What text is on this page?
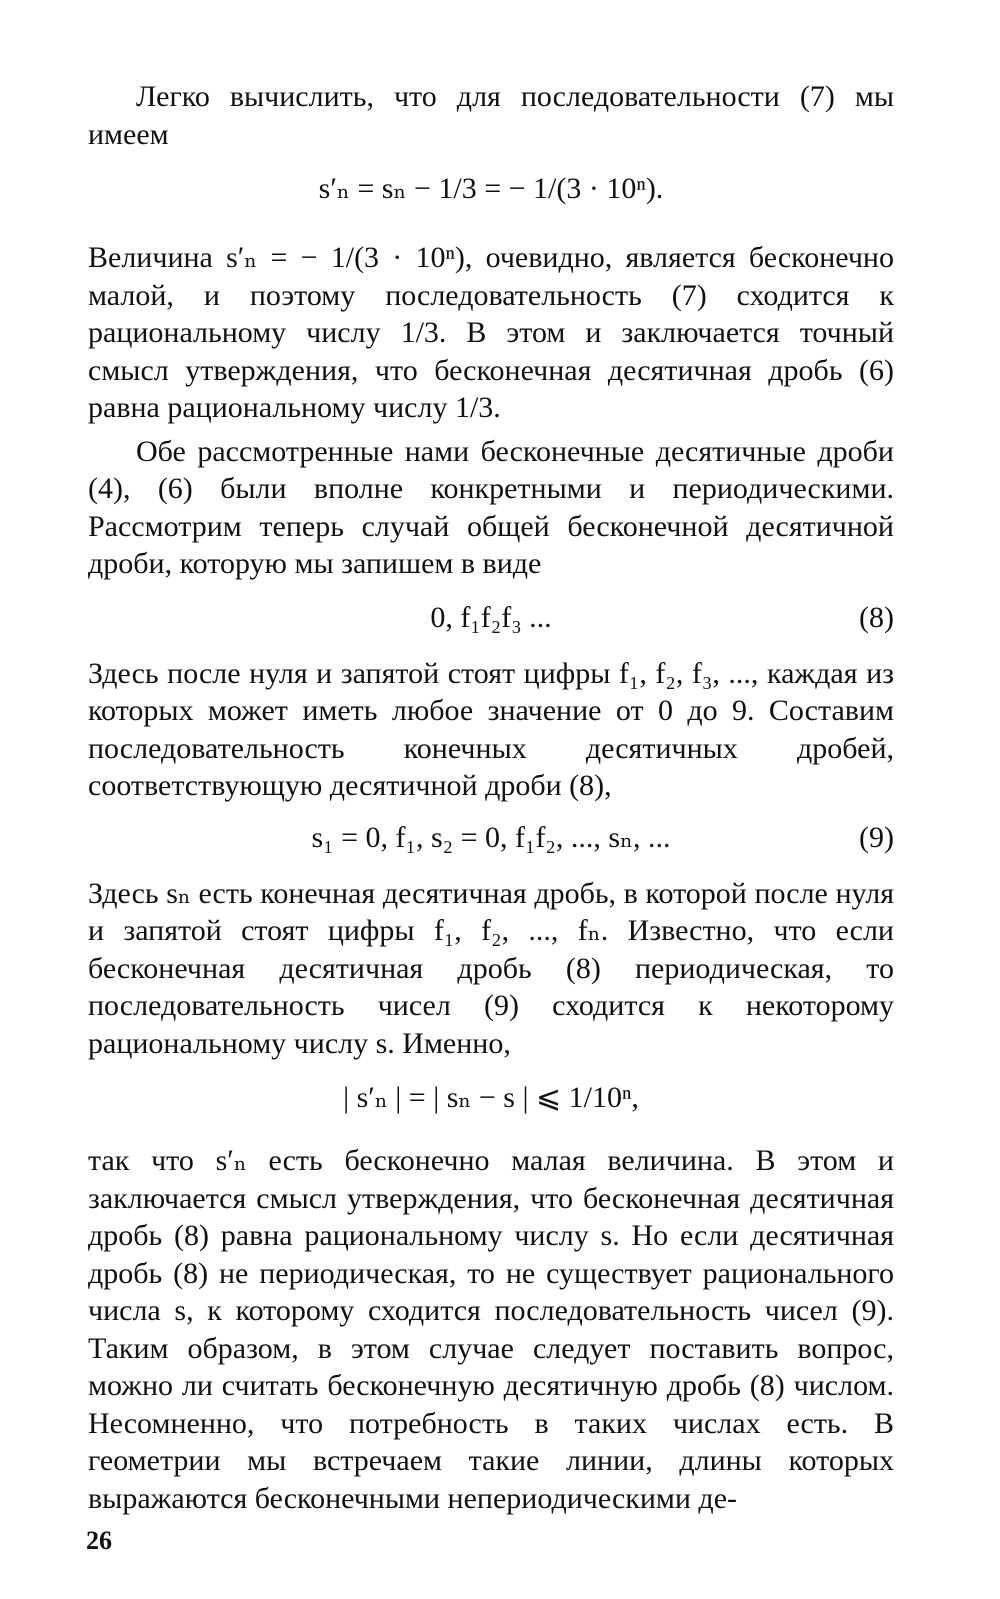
Легко вычислить, что для последовательности (7) мы имеем

s′ₙ = sₙ − 1/3 = − 1/(3 · 10ⁿ).

Величина s′ₙ = − 1/(3 · 10ⁿ), очевидно, является бесконечно малой, и поэтому последовательность (7) сходится к рациональному числу 1/3. В этом и заключается точный смысл утверждения, что бесконечная десятичная дробь (6) равна рациональному числу 1/3.

Обе рассмотренные нами бесконечные десятичные дроби (4), (6) были вполне конкретными и периодическими. Рассмотрим теперь случай общей бесконечной десятичной дроби, которую мы запишем в виде

0, f₁f₂f₃ ...	(8)

Здесь после нуля и запятой стоят цифры f₁, f₂, f₃, ..., каждая из которых может иметь любое значение от 0 до 9. Составим последовательность конечных десятичных дробей, соответствующую десятичной дроби (8),

s₁ = 0, f₁, s₂ = 0, f₁f₂, ..., sₙ, ...	(9)

Здесь sₙ есть конечная десятичная дробь, в которой после нуля и запятой стоят цифры f₁, f₂, ..., fₙ. Известно, что если бесконечная десятичная дробь (8) периодическая, то последовательность чисел (9) сходится к некоторому рациональному числу s. Именно,

| s′ₙ | = | sₙ − s | ⩽ 1/10ⁿ,

так что s′ₙ есть бесконечно малая величина. В этом и заключается смысл утверждения, что бесконечная десятичная дробь (8) равна рациональному числу s. Но если десятичная дробь (8) не периодическая, то не существует рационального числа s, к которому сходится последовательность чисел (9). Таким образом, в этом случае следует поставить вопрос, можно ли считать бесконечную десятичную дробь (8) числом. Несомненно, что потребность в таких числах есть. В геометрии мы встречаем такие линии, длины которых выражаются бесконечными непериодическими де-

26
